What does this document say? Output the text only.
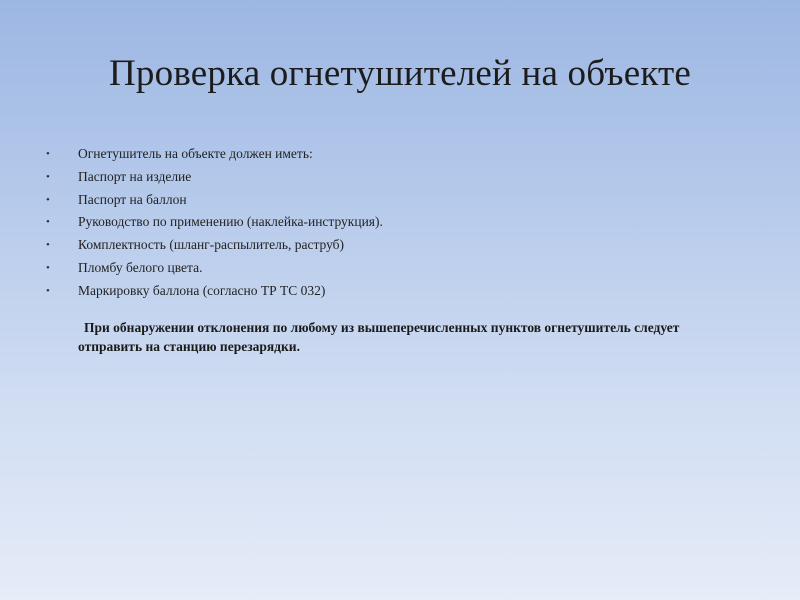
Проверка огнетушителей на объекте
• Огнетушитель на объекте должен иметь:
• Паспорт на изделие
• Паспорт на баллон
• Руководство по применению (наклейка-инструкция).
• Комплектность (шланг-распылитель, раструб)
• Пломбу белого цвета.
• Маркировку баллона (согласно ТР ТС 032)
При обнаружении отклонения по любому из вышеперечисленных пунктов огнетушитель следует отправить на станцию перезарядки.
